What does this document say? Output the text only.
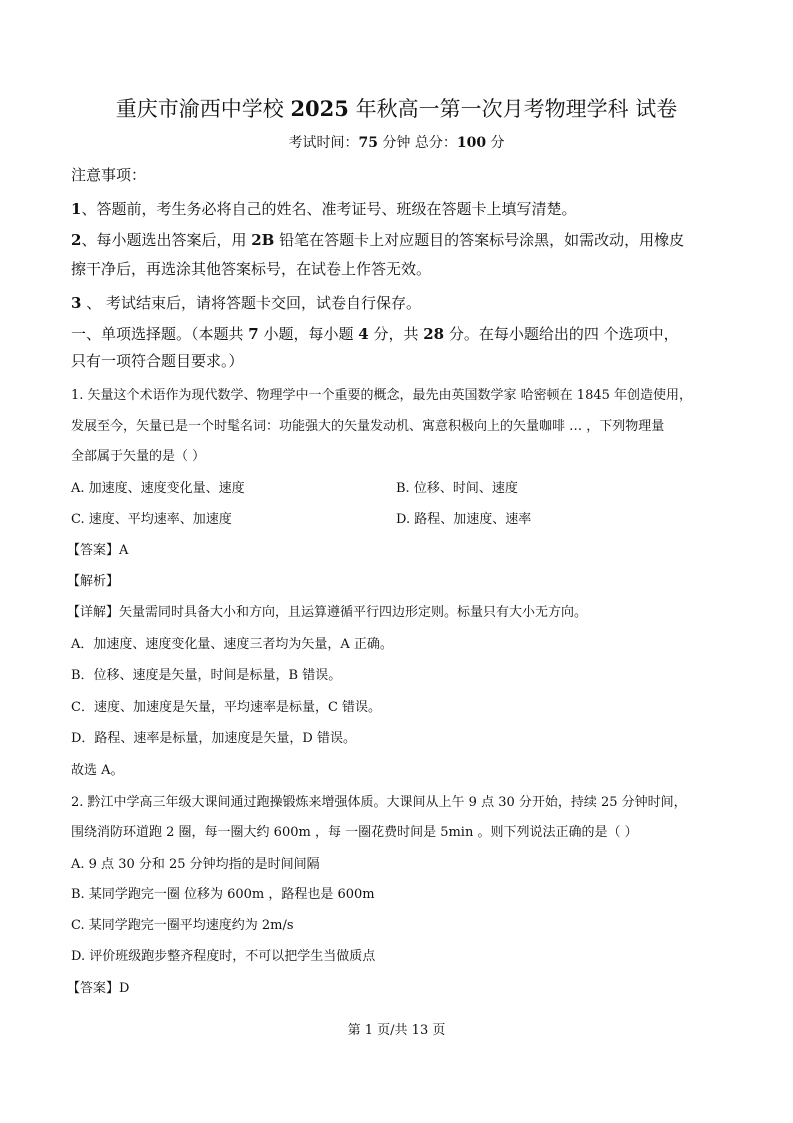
重庆市渝西中学校 2025 年秋高一第一次月考物理学科 试卷
考试时间：75 分钟 总分：100 分
注意事项：
1、答题前，考生务必将自己的姓名、准考证号、班级在答题卡上填写清楚。
2、每小题选出答案后，用 2B 铅笔在答题卡上对应题目的答案标号涂黑，如需改动，用橡皮
擦干净后，再选涂其他答案标号，在试卷上作答无效。
3 、 考试结束后，请将答题卡交回，试卷自行保存。
一、单项选择题。（本题共 7 小题，每小题 4 分，共 28 分。在每小题给出的四 个选项中，
只有一项符合题目要求。）
1. 矢量这个术语作为现代数学、物理学中一个重要的概念，最先由英国数学家 哈密顿在 1845 年创造使用，
发展至今，矢量已是一个时髦名词：功能强大的矢量发动机、寓意积极向上的矢量咖啡 … ，下列物理量
全部属于矢量的是（ ）
A. 加速度、速度变化量、速度	B. 位移、时间、速度
C. 速度、平均速率、加速度	D. 路程、加速度、速率
【答案】A
【解析】
【详解】矢量需同时具备大小和方向，且运算遵循平行四边形定则。标量只有大小无方向。
A．加速度、速度变化量、速度三者均为矢量，A 正确。
B．位移、速度是矢量，时间是标量，B 错误。
C．速度、加速度是矢量，平均速率是标量，C 错误。
D．路程、速率是标量，加速度是矢量，D 错误。
故选 A。
2. 黔江中学高三年级大课间通过跑操锻炼来增强体质。大课间从上午 9 点 30 分开始，持续 25 分钟时间，
围绕消防环道跑 2 圈，每一圈大约 600m ，每 一圈花费时间是 5min 。则下列说法正确的是（ ）
A. 9 点 30 分和 25 分钟均指的是时间间隔
B. 某同学跑完一圈 位移为 600m ，路程也是 600m
C. 某同学跑完一圈平均速度约为 2m/s
D. 评价班级跑步整齐程度时，不可以把学生当做质点
【答案】D
第 1 页/共 13 页
